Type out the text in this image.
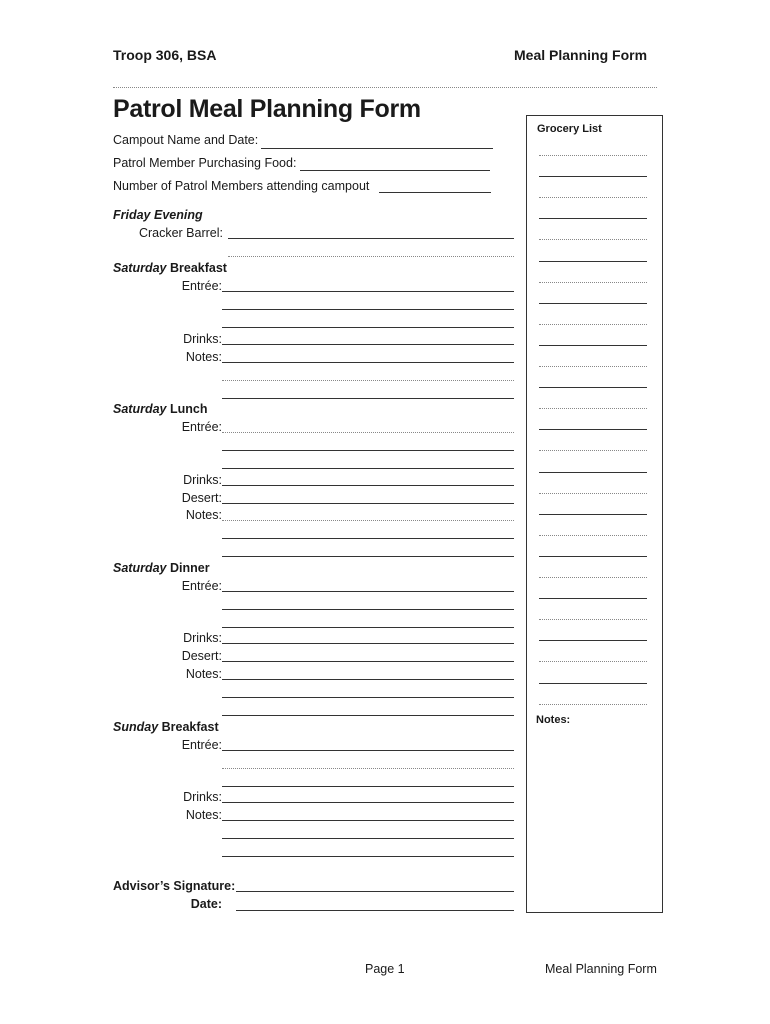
Troop 306, BSA	Meal Planning Form
Patrol Meal Planning Form
Campout Name and Date:
Patrol Member Purchasing Food:
Number of Patrol Members attending campout
Friday Evening
Cracker Barrel:
Saturday Breakfast
Entrée:
Drinks:
Notes:
Saturday Lunch
Entrée:
Drinks:
Desert:
Notes:
Saturday Dinner
Entrée:
Drinks:
Desert:
Notes:
Sunday Breakfast
Entrée:
Drinks:
Notes:
Advisor’s Signature:
Date:
Grocery List
Notes:
Page 1	Meal Planning Form
